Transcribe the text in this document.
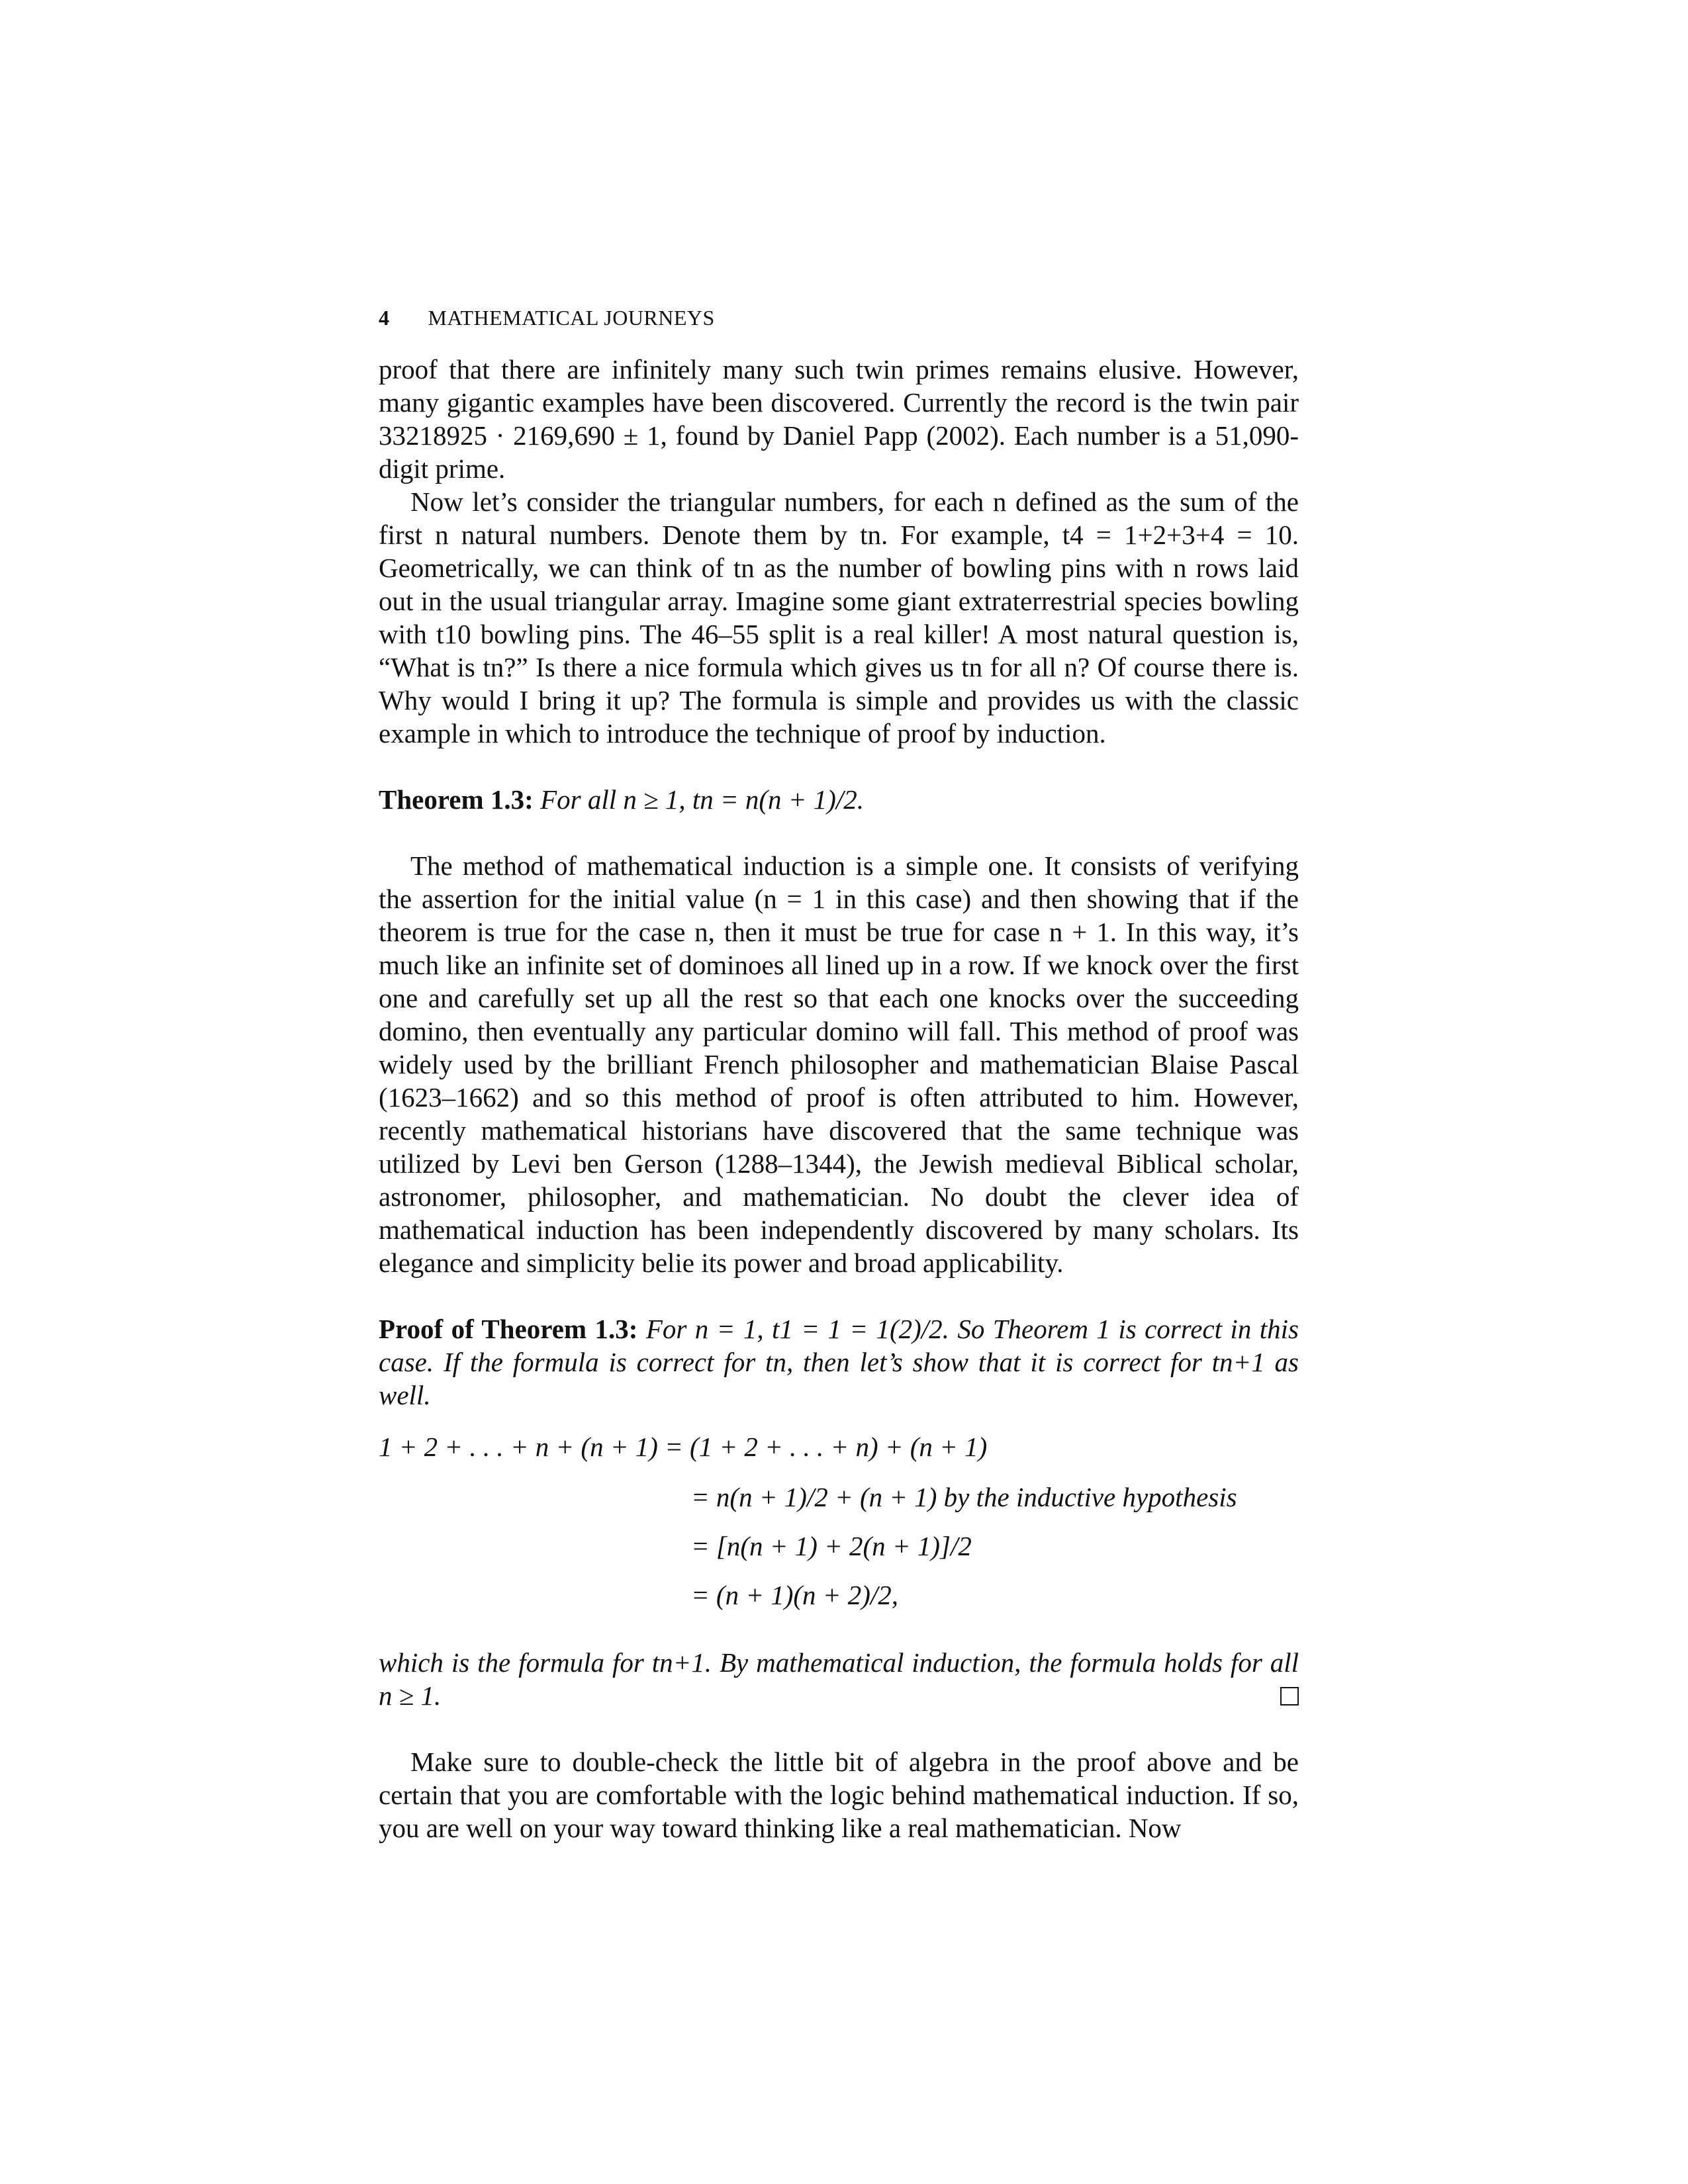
4 MATHEMATICAL JOURNEYS

proof that there are infinitely many such twin primes remains elusive. However, many gigantic examples have been discovered. Currently the record is the twin pair 33218925 · 2169,690 ± 1, found by Daniel Papp (2002). Each number is a 51,090-digit prime.

Now let’s consider the triangular numbers, for each n defined as the sum of the first n natural numbers. Denote them by tn. For example, t4 = 1+2+3+4 = 10. Geometrically, we can think of tn as the number of bowling pins with n rows laid out in the usual triangular array. Imagine some giant extraterrestrial species bowling with t10 bowling pins. The 46–55 split is a real killer! A most natural question is, “What is tn?” Is there a nice formula which gives us tn for all n? Of course there is. Why would I bring it up? The formula is simple and provides us with the classic example in which to introduce the technique of proof by induction.

Theorem 1.3: For all n ≥ 1, tn = n(n + 1)/2.

The method of mathematical induction is a simple one. It consists of verifying the assertion for the initial value (n = 1 in this case) and then showing that if the theorem is true for the case n, then it must be true for case n + 1. In this way, it’s much like an infinite set of dominoes all lined up in a row. If we knock over the first one and carefully set up all the rest so that each one knocks over the succeeding domino, then eventually any particular domino will fall. This method of proof was widely used by the brilliant French philosopher and mathematician Blaise Pascal (1623–1662) and so this method of proof is often attributed to him. However, recently mathematical historians have discovered that the same technique was utilized by Levi ben Gerson (1288–1344), the Jewish medieval Biblical scholar, astronomer, philosopher, and mathematician. No doubt the clever idea of mathematical induction has been independently discovered by many scholars. Its elegance and simplicity belie its power and broad applicability.

Proof of Theorem 1.3: For n = 1, t1 = 1 = 1(2)/2. So Theorem 1 is correct in this case. If the formula is correct for tn, then let’s show that it is correct for tn+1 as well.

1 + 2 + . . . + n + (n + 1) = (1 + 2 + . . . + n) + (n + 1)
= n(n + 1)/2 + (n + 1) by the inductive hypothesis
= [n(n + 1) + 2(n + 1)]/2
= (n + 1)(n + 2)/2,

which is the formula for tn+1. By mathematical induction, the formula holds for all n ≥ 1.

Make sure to double-check the little bit of algebra in the proof above and be certain that you are comfortable with the logic behind mathematical induction. If so, you are well on your way toward thinking like a real mathematician. Now
